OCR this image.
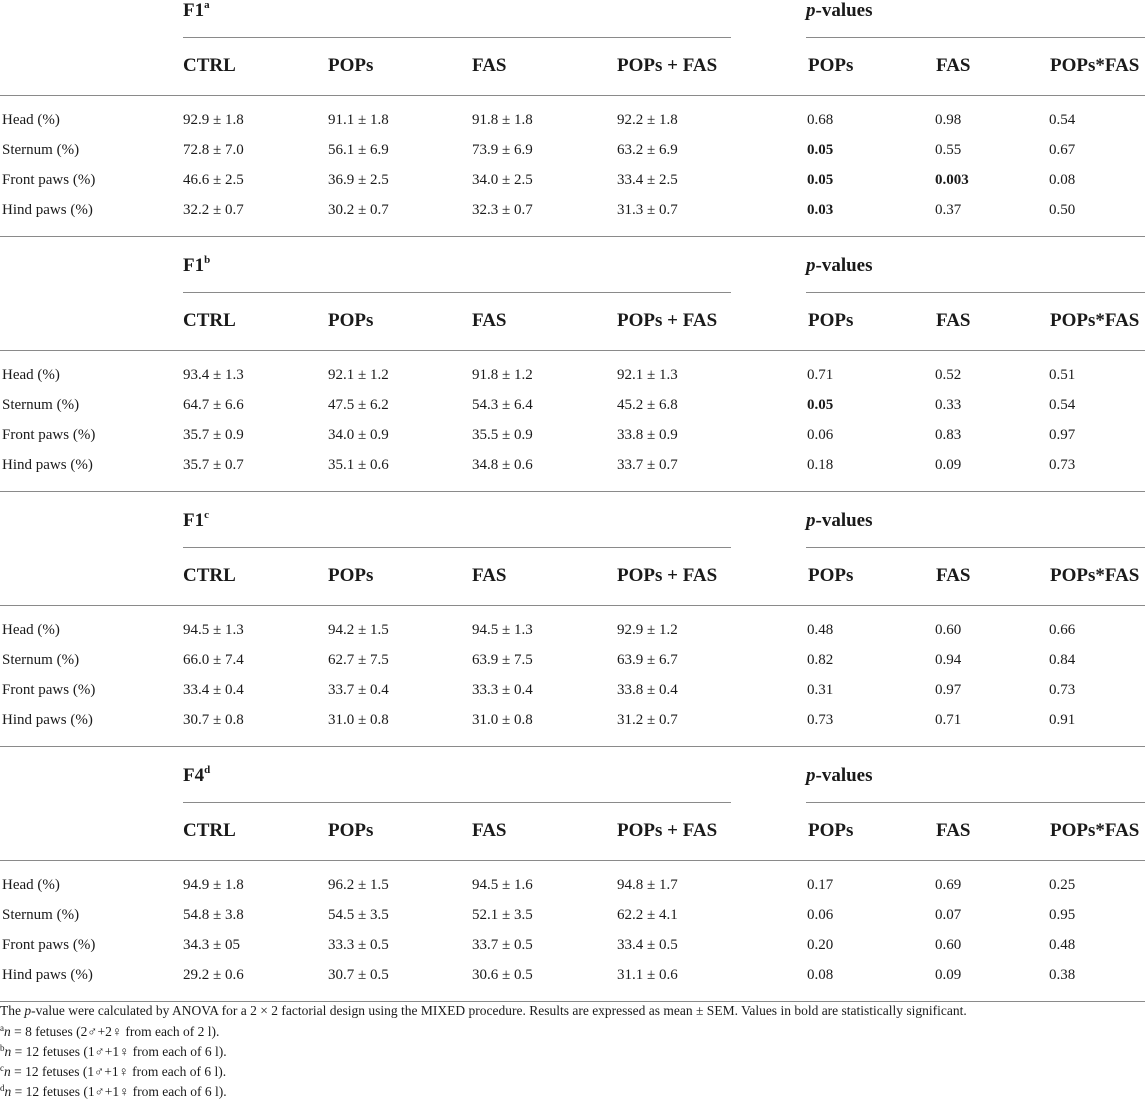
F1$^a$	p-values
CTRL	POPs	FAS	POPs + FAS	POPs	FAS	POPs*FAS
Head (%)	92.9 ± 1.8	91.1 ± 1.8	91.8 ± 1.8	92.2 ± 1.8	0.68	0.98	0.54
Sternum (%)	72.8 ± 7.0	56.1 ± 6.9	73.9 ± 6.9	63.2 ± 6.9	0.05	0.55	0.67
Front paws (%)	46.6 ± 2.5	36.9 ± 2.5	34.0 ± 2.5	33.4 ± 2.5	0.05	0.003	0.08
Hind paws (%)	32.2 ± 0.7	30.2 ± 0.7	32.3 ± 0.7	31.3 ± 0.7	0.03	0.37	0.50
F1$^b$	p-values
CTRL	POPs	FAS	POPs + FAS	POPs	FAS	POPs*FAS
Head (%)	93.4 ± 1.3	92.1 ± 1.2	91.8 ± 1.2	92.1 ± 1.3	0.71	0.52	0.51
Sternum (%)	64.7 ± 6.6	47.5 ± 6.2	54.3 ± 6.4	45.2 ± 6.8	0.05	0.33	0.54
Front paws (%)	35.7 ± 0.9	34.0 ± 0.9	35.5 ± 0.9	33.8 ± 0.9	0.06	0.83	0.97
Hind paws (%)	35.7 ± 0.7	35.1 ± 0.6	34.8 ± 0.6	33.7 ± 0.7	0.18	0.09	0.73
F1$^c$	p-values
CTRL	POPs	FAS	POPs + FAS	POPs	FAS	POPs*FAS
Head (%)	94.5 ± 1.3	94.2 ± 1.5	94.5 ± 1.3	92.9 ± 1.2	0.48	0.60	0.66
Sternum (%)	66.0 ± 7.4	62.7 ± 7.5	63.9 ± 7.5	63.9 ± 6.7	0.82	0.94	0.84
Front paws (%)	33.4 ± 0.4	33.7 ± 0.4	33.3 ± 0.4	33.8 ± 0.4	0.31	0.97	0.73
Hind paws (%)	30.7 ± 0.8	31.0 ± 0.8	31.0 ± 0.8	31.2 ± 0.7	0.73	0.71	0.91
F4$^d$	p-values
CTRL	POPs	FAS	POPs + FAS	POPs	FAS	POPs*FAS
Head (%)	94.9 ± 1.8	96.2 ± 1.5	94.5 ± 1.6	94.8 ± 1.7	0.17	0.69	0.25
Sternum (%)	54.8 ± 3.8	54.5 ± 3.5	52.1 ± 3.5	62.2 ± 4.1	0.06	0.07	0.95
Front paws (%)	34.3 ± 05	33.3 ± 0.5	33.7 ± 0.5	33.4 ± 0.5	0.20	0.60	0.48
Hind paws (%)	29.2 ± 0.6	30.7 ± 0.5	30.6 ± 0.5	31.1 ± 0.6	0.08	0.09	0.38
The p-value were calculated by ANOVA for a 2 × 2 factorial design using the MIXED procedure. Results are expressed as mean ± SEM. Values in bold are statistically significant.
$^a$n = 8 fetuses (2♂+2♀ from each of 2 l).
$^b$n = 12 fetuses (1♂+1♀ from each of 6 l).
$^c$n = 12 fetuses (1♂+1♀ from each of 6 l).
$^d$n = 12 fetuses (1♂+1♀ from each of 6 l).
